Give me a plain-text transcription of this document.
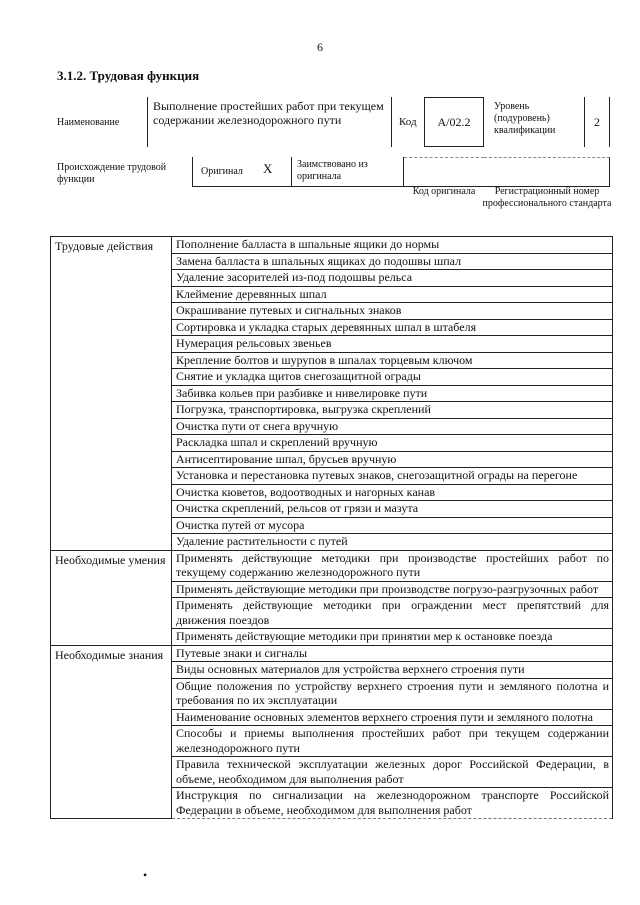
6
3.1.2. Трудовая функция
Наименование
Выполнение простейших работ при текущем содержании железнодорожного пути	Код А/02.2
Уровень (подуровень) квалификации
2
Происхождение трудовой функции
Оригинал X Заимствовано из оригинала
Код оригинала	Регистрационный номер профессионального стандарта
Трудовые действия	Пополнение балласта в шпальные ящики до нормы
	Замена балласта в шпальных ящиках до подошвы шпал
	Удаление засорителей из-под подошвы рельса
	Клеймение деревянных шпал
	Окрашивание путевых и сигнальных знаков
	Сортировка и укладка старых деревянных шпал в штабеля
	Нумерация рельсовых звеньев
	Крепление болтов и шурупов в шпалах торцевым ключом
	Снятие и укладка щитов снегозащитной ограды
	Забивка кольев при разбивке и нивелировке пути
	Погрузка, транспортировка, выгрузка скреплений
	Очистка пути от снега вручную
	Раскладка шпал и скреплений вручную
	Антисептирование шпал, брусьев вручную
	Установка и перестановка путевых знаков, снегозащитной ограды на перегоне
	Очистка кюветов, водоотводных и нагорных канав
	Очистка скреплений, рельсов от грязи и мазута
	Очистка путей от мусора
	Удаление растительности с путей
Необходимые умения	Применять действующие методики при производстве простейших работ по текущему содержанию железнодорожного пути
	Применять действующие методики при производстве погрузо-разгрузочных работ
	Применять действующие методики при ограждении мест препятствий для движения поездов
	Применять действующие методики при принятии мер к остановке поезда
Необходимые знания	Путевые знаки и сигналы
	Виды основных материалов для устройства верхнего строения пути
	Общие положения по устройству верхнего строения пути и земляного полотна и требования по их эксплуатации
	Наименование основных элементов верхнего строения пути и земляного полотна
	Способы и приемы выполнения простейших работ при текущем содержании железнодорожного пути
	Правила технической эксплуатации железных дорог Российской Федерации, в объеме, необходимом для выполнения работ
	Инструкция по сигнализации на железнодорожном транспорте Российской Федерации в объеме, необходимом для выполнения работ
•
